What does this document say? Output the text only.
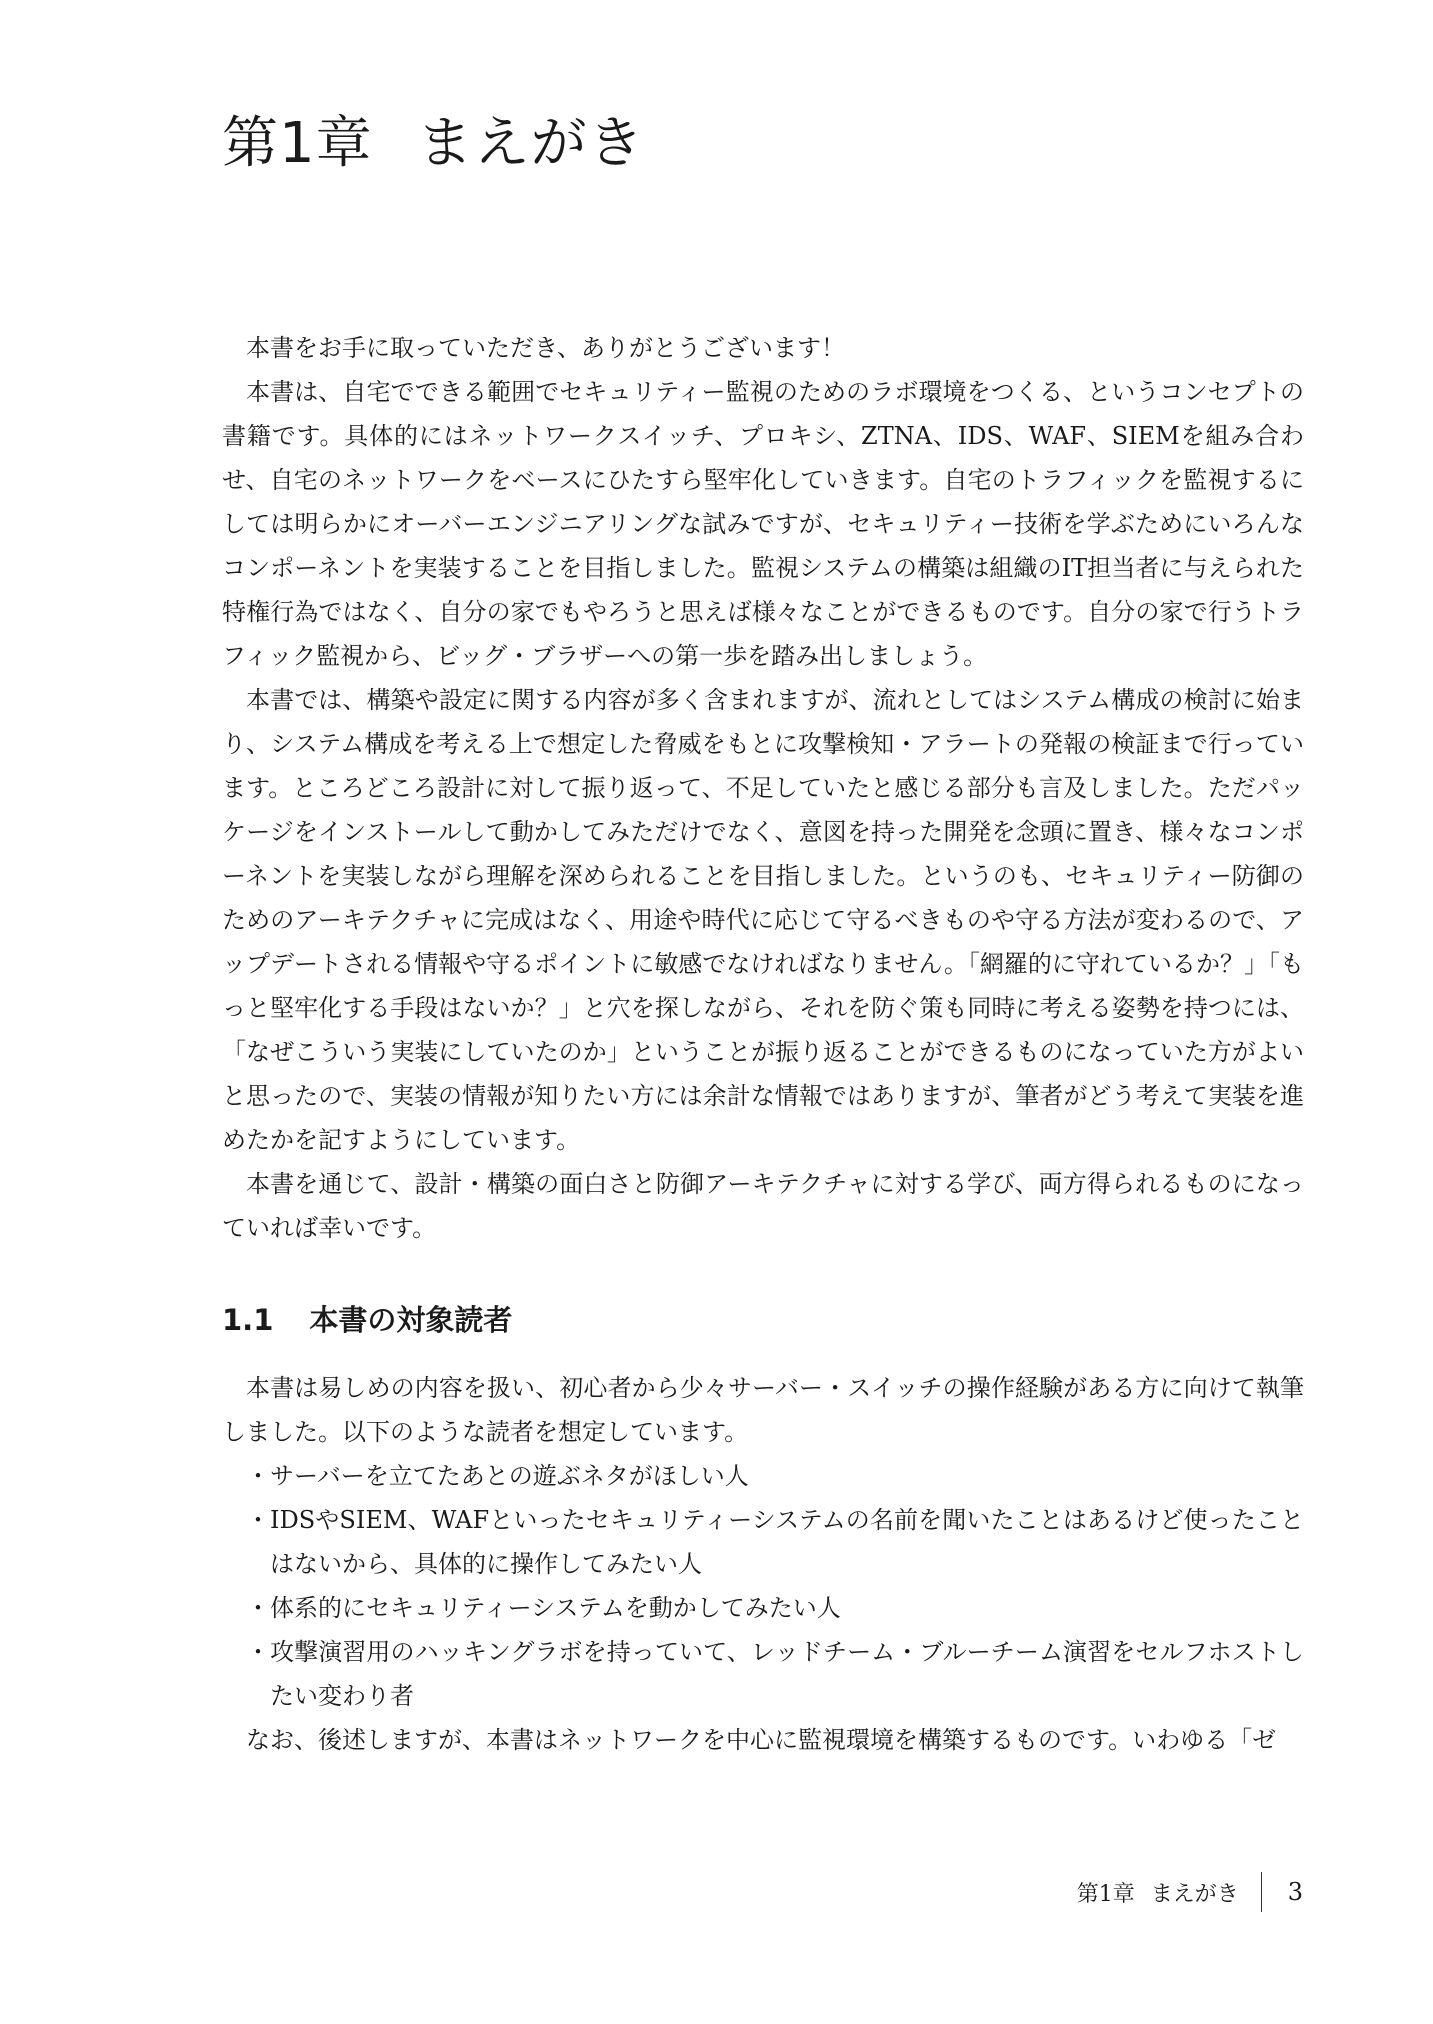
第1章 まえがき

本書をお手に取っていただき、ありがとうございます！

本書は、自宅でできる範囲でセキュリティー監視のためのラボ環境をつくる、というコンセプトの書籍です。具体的にはネットワークスイッチ、プロキシ、ZTNA、IDS、WAF、SIEMを組み合わせ、自宅のネットワークをベースにひたすら堅牢化していきます。自宅のトラフィックを監視するにしては明らかにオーバーエンジニアリングな試みですが、セキュリティー技術を学ぶためにいろんなコンポーネントを実装することを目指しました。監視システムの構築は組織のIT担当者に与えられた特権行為ではなく、自分の家でもやろうと思えば様々なことができるものです。自分の家で行うトラフィック監視から、ビッグ・ブラザーへの第一歩を踏み出しましょう。

本書では、構築や設定に関する内容が多く含まれますが、流れとしてはシステム構成の検討に始まり、システム構成を考える上で想定した脅威をもとに攻撃検知・アラートの発報の検証まで行っています。ところどころ設計に対して振り返って、不足していたと感じる部分も言及しました。ただパッケージをインストールして動かしてみただけでなく、意図を持った開発を念頭に置き、様々なコンポーネントを実装しながら理解を深められることを目指しました。というのも、セキュリティー防御のためのアーキテクチャに完成はなく、用途や時代に応じて守るべきものや守る方法が変わるので、アップデートされる情報や守るポイントに敏感でなければなりません。「網羅的に守れているか？」「もっと堅牢化する手段はないか？」と穴を探しながら、それを防ぐ策も同時に考える姿勢を持つには、「なぜこういう実装にしていたのか」ということが振り返ることができるものになっていた方がよいと思ったので、実装の情報が知りたい方には余計な情報ではありますが、筆者がどう考えて実装を進めたかを記すようにしています。

本書を通じて、設計・構築の面白さと防御アーキテクチャに対する学び、両方得られるものになっていれば幸いです。

1.1 本書の対象読者

本書は易しめの内容を扱い、初心者から少々サーバー・スイッチの操作経験がある方に向けて執筆しました。以下のような読者を想定しています。

・ サーバーを立てたあとの遊ぶネタがほしい人
・ IDSやSIEM、WAFといったセキュリティーシステムの名前を聞いたことはあるけど使ったことはないから、具体的に操作してみたい人
・ 体系的にセキュリティーシステムを動かしてみたい人
・ 攻撃演習用のハッキングラボを持っていて、レッドチーム・ブルーチーム演習をセルフホストしたい変わり者

なお、後述しますが、本書はネットワークを中心に監視環境を構築するものです。いわゆる「ゼ

第1章 まえがき 3
